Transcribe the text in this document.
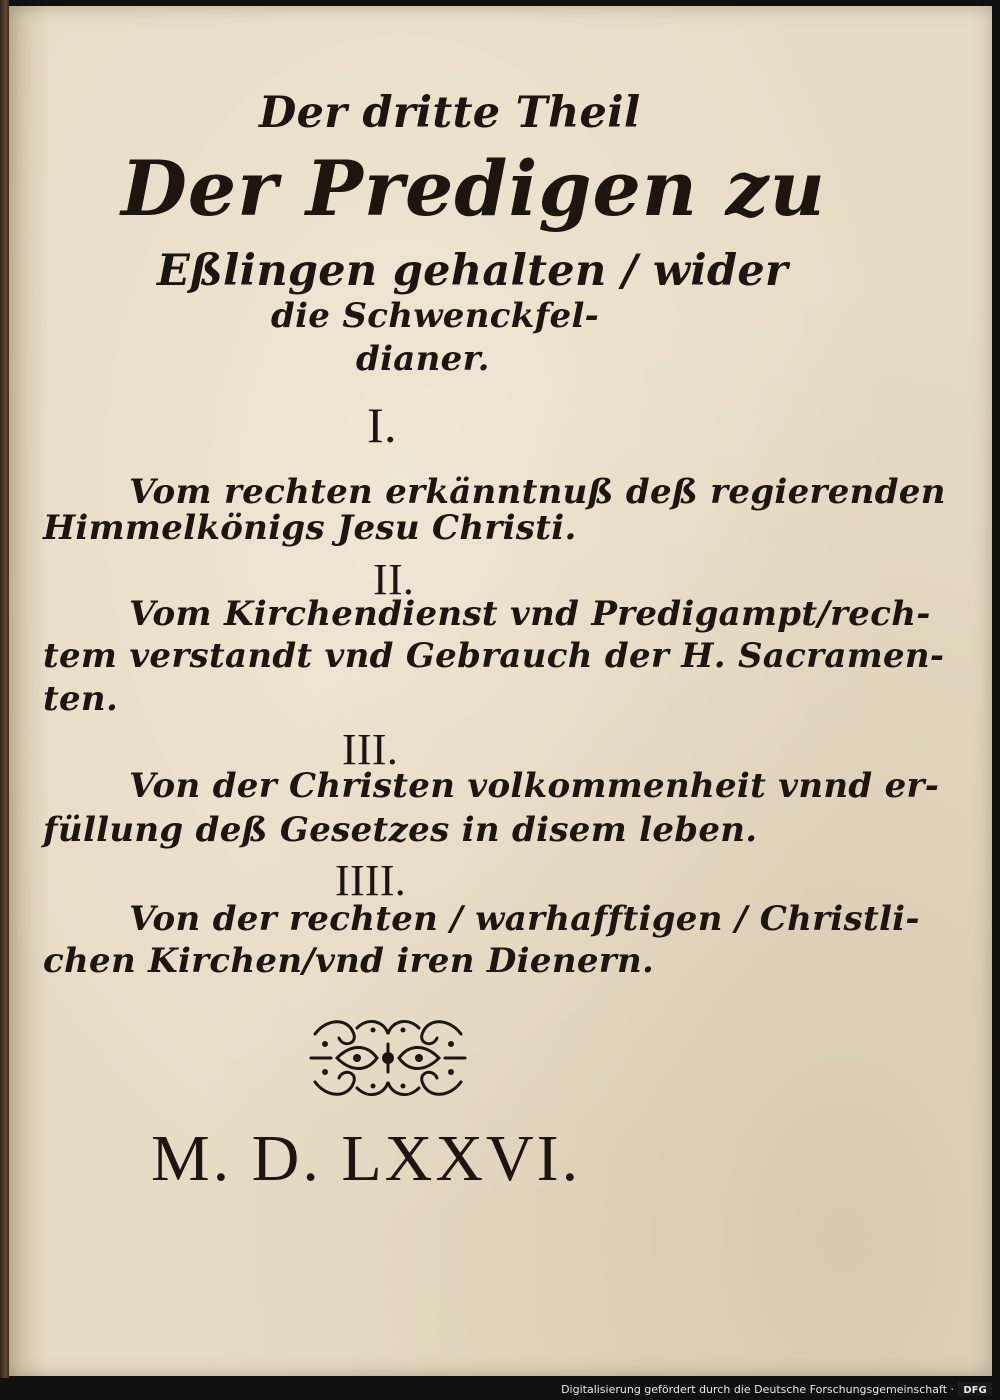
Der dritte Theil
Der Predigen zu
Eßlingen gehalten / wider
die Schwenckfel-
dianer.
I.
Vom rechten erkänntnuß deß regierenden
Himmelkönigs Jesu Christi.
II.
Vom Kirchendienst vnd Predigampt/rech-
tem verstandt vnd Gebrauch der H. Sacramen-
ten.
III.
Von der Christen volkommenheit vnnd er-
füllung deß Gesetzes in disem leben.
IIII.
Von der rechten / warhafftigen / Christli-
chen Kirchen/vnd iren Dienern.
M. D. LXXVI.
Digitalisierung gefördert durch die Deutsche Forschungsgemeinschaft · DFG
